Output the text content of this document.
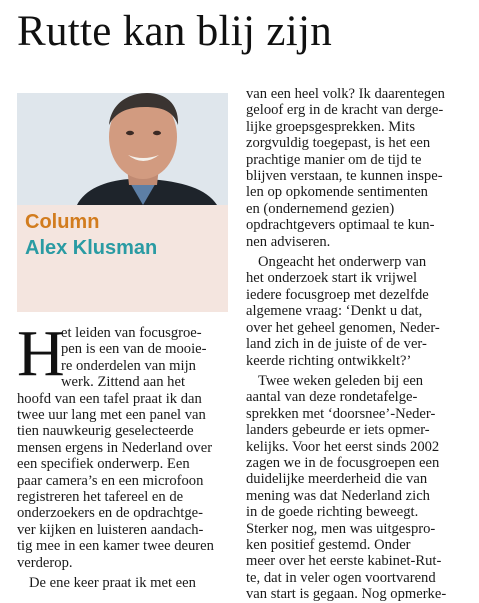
Rutte kan blij zijn
Column
Alex Klusman
H

et leiden van focusgroe-
pen is een van de mooie-
re onderdelen van mijn
werk. Zittend aan het
hoofd van een tafel praat ik dan
twee uur lang met een panel van
tien nauwkeurig geselecteerde
mensen ergens in Nederland over
een specifiek onderwerp. Een
paar camera’s en een microfoon
registreren het tafereel en de
onderzoekers en de opdrachtge-
ver kijken en luisteren aandach-
tig mee in een kamer twee deuren
verderop.

De ene keer praat ik met een

van een heel volk? Ik daarentegen
geloof erg in de kracht van derge-
lijke groepsgesprekken. Mits
zorgvuldig toegepast, is het een
prachtige manier om de tijd te
blijven verstaan, te kunnen inspe-
len op opkomende sentimenten
en (ondernemend gezien)
opdrachtgevers optimaal te kun-
nen adviseren.

Ongeacht het onderwerp van
het onderzoek start ik vrijwel
iedere focusgroep met dezelfde
algemene vraag: ‘Denkt u dat,
over het geheel genomen, Neder-
land zich in de juiste of de ver-
keerde richting ontwikkelt?’

Twee weken geleden bij een
aantal van deze rondetafelge-
sprekken met ‘doorsnee’-Neder-
landers gebeurde er iets opmer-
kelijks. Voor het eerst sinds 2002
zagen we in de focusgroepen een
duidelijke meerderheid die van
mening was dat Nederland zich
in de goede richting beweegt.
Sterker nog, men was uitgespro-
ken positief gestemd. Onder
meer over het eerste kabinet-Rut-
te, dat in veler ogen voortvarend
van start is gegaan. Nog opmerke-
